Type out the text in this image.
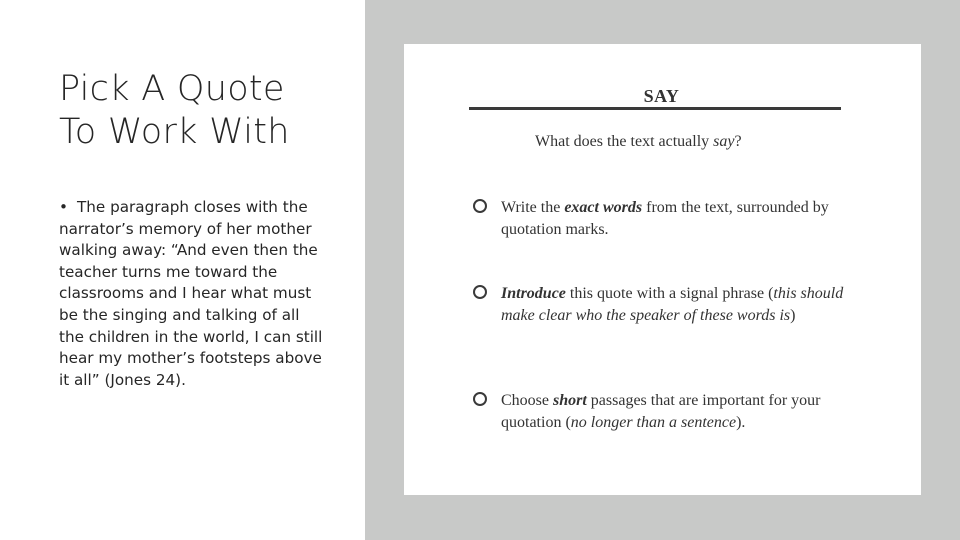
Pick A Quote
To Work With

• The paragraph closes with the narrator’s memory of her mother walking away: “And even then the teacher turns me toward the classrooms and I hear what must be the singing and talking of all the children in the world, I can still hear my mother’s footsteps above it all” (Jones 24).

SAY
What does the text actually say?
Write the exact words from the text, surrounded by quotation marks.
Introduce this quote with a signal phrase (this should make clear who the speaker of these words is)
Choose short passages that are important for your quotation (no longer than a sentence).
